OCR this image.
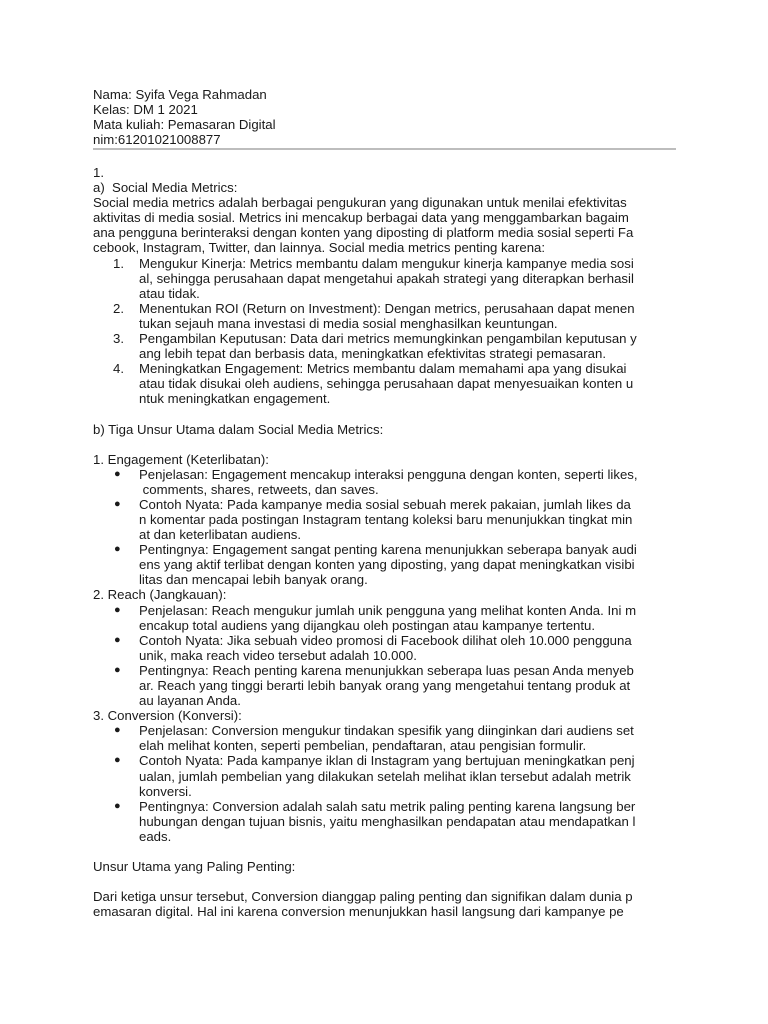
Nama: Syifa Vega Rahmadan
Kelas: DM 1 2021
Mata kuliah: Pemasaran Digital
nim:61201021008877
1.
a)  Social Media Metrics:
Social media metrics adalah berbagai pengukuran yang digunakan untuk menilai efektivitas
aktivitas di media sosial. Metrics ini mencakup berbagai data yang menggambarkan bagaim
ana pengguna berinteraksi dengan konten yang diposting di platform media sosial seperti Fa
cebook, Instagram, Twitter, dan lainnya. Social media metrics penting karena:
1. Mengukur Kinerja: Metrics membantu dalam mengukur kinerja kampanye media sosi
al, sehingga perusahaan dapat mengetahui apakah strategi yang diterapkan berhasil
atau tidak.
2. Menentukan ROI (Return on Investment): Dengan metrics, perusahaan dapat menen
tukan sejauh mana investasi di media sosial menghasilkan keuntungan.
3. Pengambilan Keputusan: Data dari metrics memungkinkan pengambilan keputusan y
ang lebih tepat dan berbasis data, meningkatkan efektivitas strategi pemasaran.
4. Meningkatkan Engagement: Metrics membantu dalam memahami apa yang disukai
atau tidak disukai oleh audiens, sehingga perusahaan dapat menyesuaikan konten u
ntuk meningkatkan engagement.
b) Tiga Unsur Utama dalam Social Media Metrics:
1. Engagement (Keterlibatan):
● Penjelasan: Engagement mencakup interaksi pengguna dengan konten, seperti likes,
comments, shares, retweets, dan saves.
● Contoh Nyata: Pada kampanye media sosial sebuah merek pakaian, jumlah likes da
n komentar pada postingan Instagram tentang koleksi baru menunjukkan tingkat min
at dan keterlibatan audiens.
● Pentingnya: Engagement sangat penting karena menunjukkan seberapa banyak audi
ens yang aktif terlibat dengan konten yang diposting, yang dapat meningkatkan visibi
litas dan mencapai lebih banyak orang.
2. Reach (Jangkauan):
● Penjelasan: Reach mengukur jumlah unik pengguna yang melihat konten Anda. Ini m
encakup total audiens yang dijangkau oleh postingan atau kampanye tertentu.
● Contoh Nyata: Jika sebuah video promosi di Facebook dilihat oleh 10.000 pengguna
unik, maka reach video tersebut adalah 10.000.
● Pentingnya: Reach penting karena menunjukkan seberapa luas pesan Anda menyeb
ar. Reach yang tinggi berarti lebih banyak orang yang mengetahui tentang produk at
au layanan Anda.
3. Conversion (Konversi):
● Penjelasan: Conversion mengukur tindakan spesifik yang diinginkan dari audiens set
elah melihat konten, seperti pembelian, pendaftaran, atau pengisian formulir.
● Contoh Nyata: Pada kampanye iklan di Instagram yang bertujuan meningkatkan penj
ualan, jumlah pembelian yang dilakukan setelah melihat iklan tersebut adalah metrik
konversi.
● Pentingnya: Conversion adalah salah satu metrik paling penting karena langsung ber
hubungan dengan tujuan bisnis, yaitu menghasilkan pendapatan atau mendapatkan l
eads.
Unsur Utama yang Paling Penting:
Dari ketiga unsur tersebut, Conversion dianggap paling penting dan signifikan dalam dunia p
emasaran digital. Hal ini karena conversion menunjukkan hasil langsung dari kampanye pe
